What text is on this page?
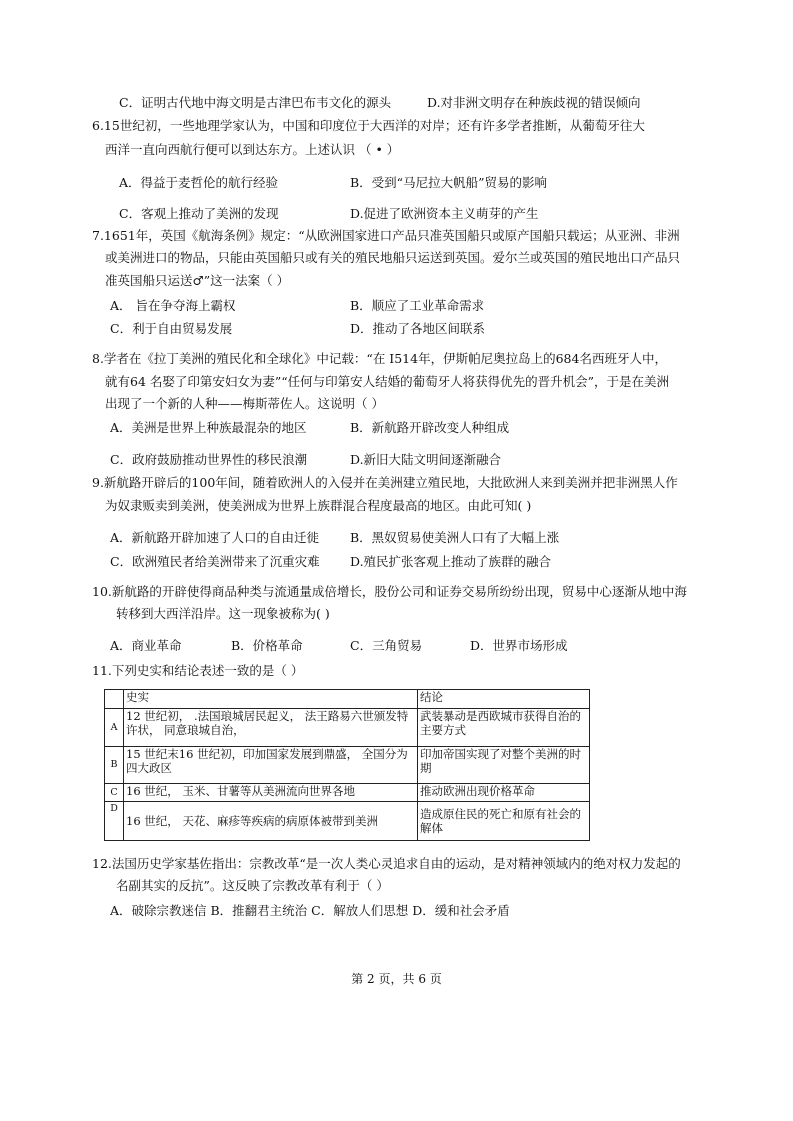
C．证明古代地中海文明是古津巴布韦文化的源头	D.对非洲文明存在种族歧视的错误倾向
6.15世纪初，一些地理学家认为，中国和印度位于大西洋的对岸；还有许多学者推断，从葡萄牙往大
西洋一直向西航行便可以到达东方。上述认识 （ • ）
A．得益于麦哲伦的航行经验	B．受到“马尼拉大帆船”贸易的影响
C．客观上推动了美洲的发现	D.促进了欧洲资本主义萌芽的产生
7.1651年，英国《航海条例》规定：“从欧洲国家进口产品只准英国船只或原产国船只载运；从亚洲、非洲
或美洲进口的物品，只能由英国船只或有关的殖民地船只运送到英国。爱尔兰或英国的殖民地出口产品只
准英国船只运送♂”这一法案（ ）
A． 旨在争夺海上霸权	B．顺应了工业革命需求
C．利于自由贸易发展	D．推动了各地区间联系
8.学者在《拉丁美洲的殖民化和全球化》中记载：“在 I514年，伊斯帕尼奥拉岛上的684名西班牙人中，
就有64 名娶了印第安妇女为妻”“任何与印第安人结婚的葡萄牙人将获得优先的晋升机会”，于是在美洲
出现了一个新的人种——梅斯蒂佐人。这说明（ ）
A．美洲是世界上种族最混杂的地区	B．新航路开辟改变人种组成
C．政府鼓励推动世界性的移民浪潮	D.新旧大陆文明间逐渐融合
9.新航路开辟后的100年间，随着欧洲人的入侵并在美洲建立殖民地，大批欧洲人来到美洲并把非洲黑人作
为奴隶贩卖到美洲，使美洲成为世界上族群混合程度最高的地区。由此可知( )
A．新航路开辟加速了人口的自由迁徙 B．黑奴贸易使美洲人口有了大幅上涨
C．欧洲殖民者给美洲带来了沉重灾难 D.殖民扩张客观上推动了族群的融合
10.新航路的开辟使得商品种类与流通量成倍增长，股份公司和证券交易所纷纷出现，贸易中心逐渐从地中海
转移到大西洋沿岸。这一现象被称为( )
A．商业革命	B．价格革命	C．三角贸易	D．世界市场形成
11.下列史实和结论表述一致的是（ ）
	史实	结论
A	12 世纪初， .法国琅城居民起义， 法王路易六世颁发特许状， 同意琅城自治，	武装暴动是西欧城市获得自治的主要方式
B	15 世纪末16 世纪初，印加国家发展到鼎盛， 全国分为四大政区	印加帝国实现了对整个美洲的时期
C	16 世纪， 玉米、甘薯等从美洲流向世界各地	推动欧洲出现价格革命
D	16 世纪， 天花、麻疹等疾病的病原体被带到美洲	造成原住民的死亡和原有社会的解体
12.法国历史学家基佐指出：宗教改革“是一次人类心灵追求自由的运动，是对精神领域内的绝对权力发起的
名副其实的反抗”。这反映了宗教改革有利于（ ）
A．破除宗教迷信 B．推翻君主统治 C．解放人们思想 D．缓和社会矛盾
第 2 页，共 6 页
